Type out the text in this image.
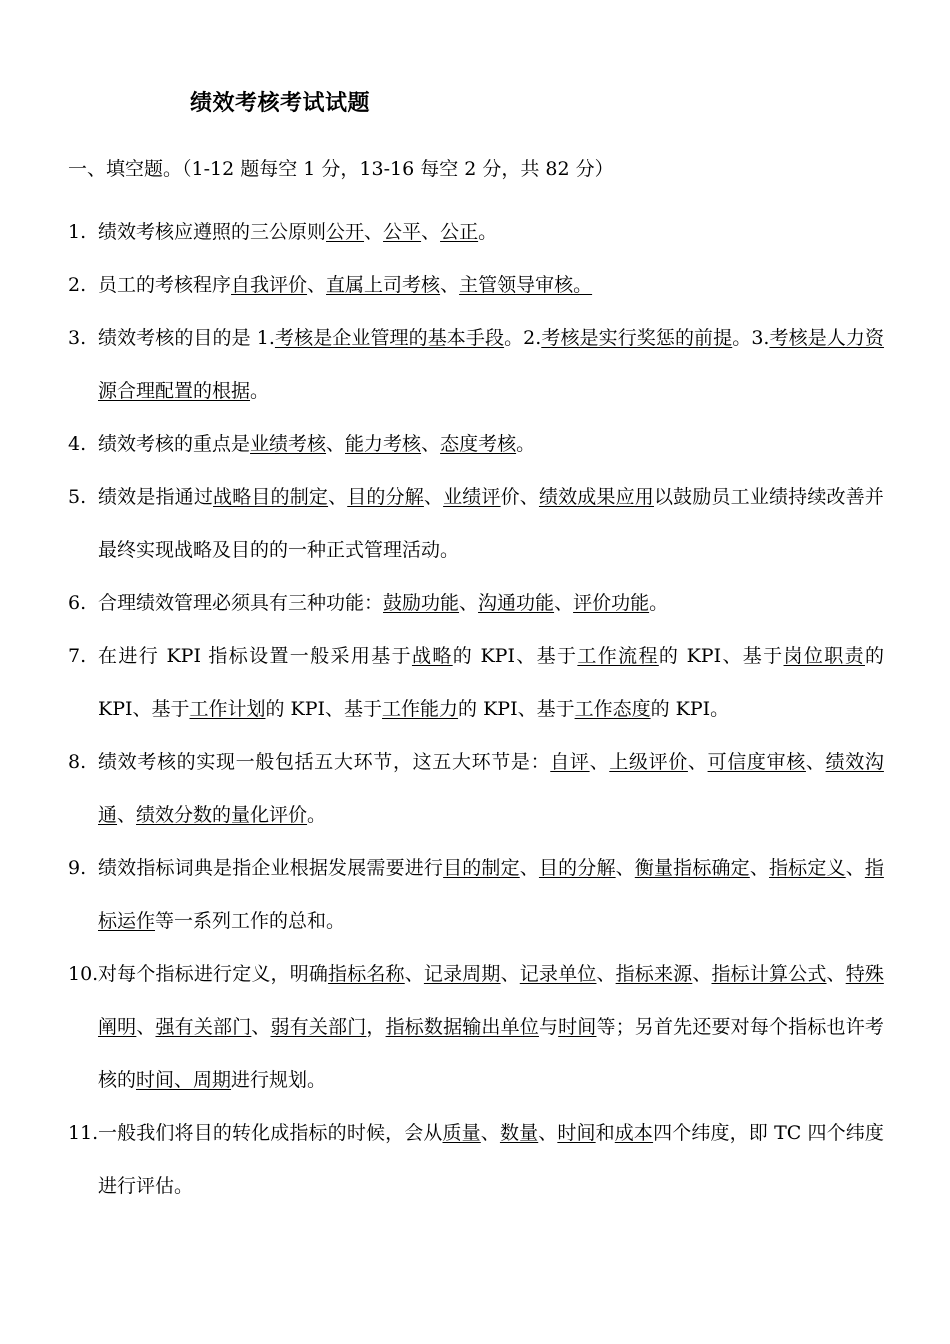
绩效考核考试试题
一、填空题。（1-12 题每空 1 分，13-16 每空 2 分，共 82 分）
1. 绩效考核应遵照的三公原则公开、公平、公正。
2. 员工的考核程序自我评价、直属上司考核、主管领导审核。
3. 绩效考核的目的是 1.考核是企业管理的基本手段。2.考核是实行奖惩的前提。3.考核是人力资源合理配置的根据。
4. 绩效考核的重点是业绩考核、能力考核、态度考核。
5. 绩效是指通过战略目的制定、目的分解、业绩评价、绩效成果应用以鼓励员工业绩持续改善并最终实现战略及目的的一种正式管理活动。
6. 合理绩效管理必须具有三种功能：鼓励功能、沟通功能、评价功能。
7. 在进行 KPI 指标设置一般采用基于战略的 KPI、基于工作流程的 KPI、基于岗位职责的 KPI、基于工作计划的 KPI、基于工作能力的 KPI、基于工作态度的 KPI。
8. 绩效考核的实现一般包括五大环节，这五大环节是：自评、上级评价、可信度审核、绩效沟通、绩效分数的量化评价。
9. 绩效指标词典是指企业根据发展需要进行目的制定、目的分解、衡量指标确定、指标定义、指标运作等一系列工作的总和。
10. 对每个指标进行定义，明确指标名称、记录周期、记录单位、指标来源、指标计算公式、特殊阐明、强有关部门、弱有关部门，指标数据输出单位与时间等；另首先还要对每个指标也许考核的时间、周期进行规划。
11. 一般我们将目的转化成指标的时候，会从质量、数量、时间和成本四个纬度，即 TC 四个纬度进行评估。
